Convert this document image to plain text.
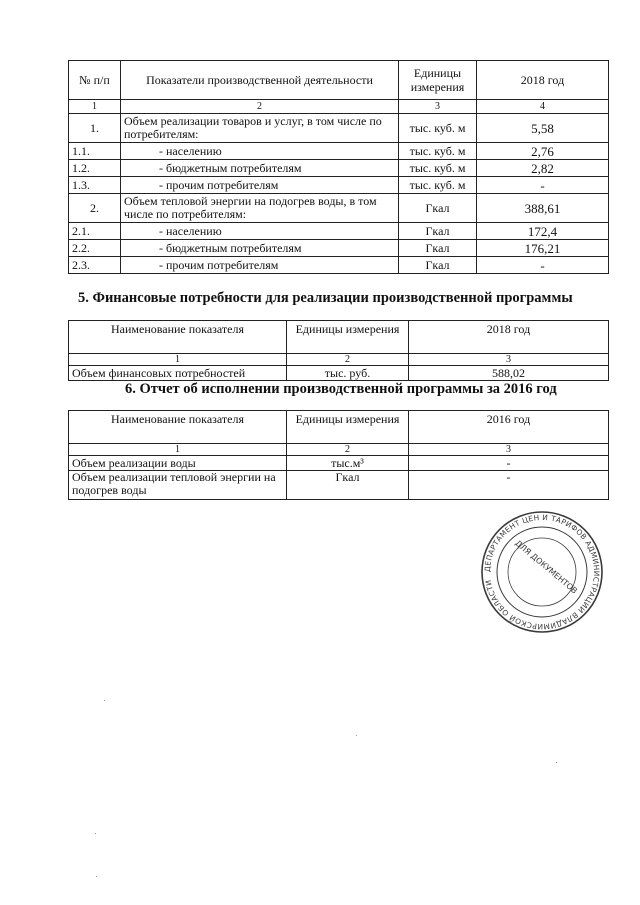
№ п/п	Показатели производственной деятельности	Единицы измерения	2018 год
1	2	3	4
1.	Объем реализации товаров и услуг, в том числе по потребителям:	тыс. куб. м	5,58
1.1.	- населению	тыс. куб. м	2,76
1.2.	- бюджетным потребителям	тыс. куб. м	2,82
1.3.	- прочим потребителям	тыс. куб. м	-
2.	Объем тепловой энергии на подогрев воды, в том числе по потребителям:	Гкал	388,61
2.1.	- населению	Гкал	172,4
2.2.	- бюджетным потребителям	Гкал	176,21
2.3.	- прочим потребителям	Гкал	-
5. Финансовые потребности для реализации производственной программы
Наименование показателя	Единицы измерения	2018 год
1	2	3
Объем финансовых потребностей	тыс. руб.	588,02
6. Отчет об исполнении производственной программы за 2016 год
Наименование показателя	Единицы измерения	2016 год
1	2	3
Объем реализации воды	тыс.м³	-
Объем реализации тепловой энергии на подогрев воды	Гкал	-
ДЕПАРТАМЕНТ ЦЕН И ТАРИФОВ АДМИНИСТРАЦИИ ВЛАДИМИРСКОЙ ОБЛАСТИ	ДЛЯ ДОКУМЕНТОВ
